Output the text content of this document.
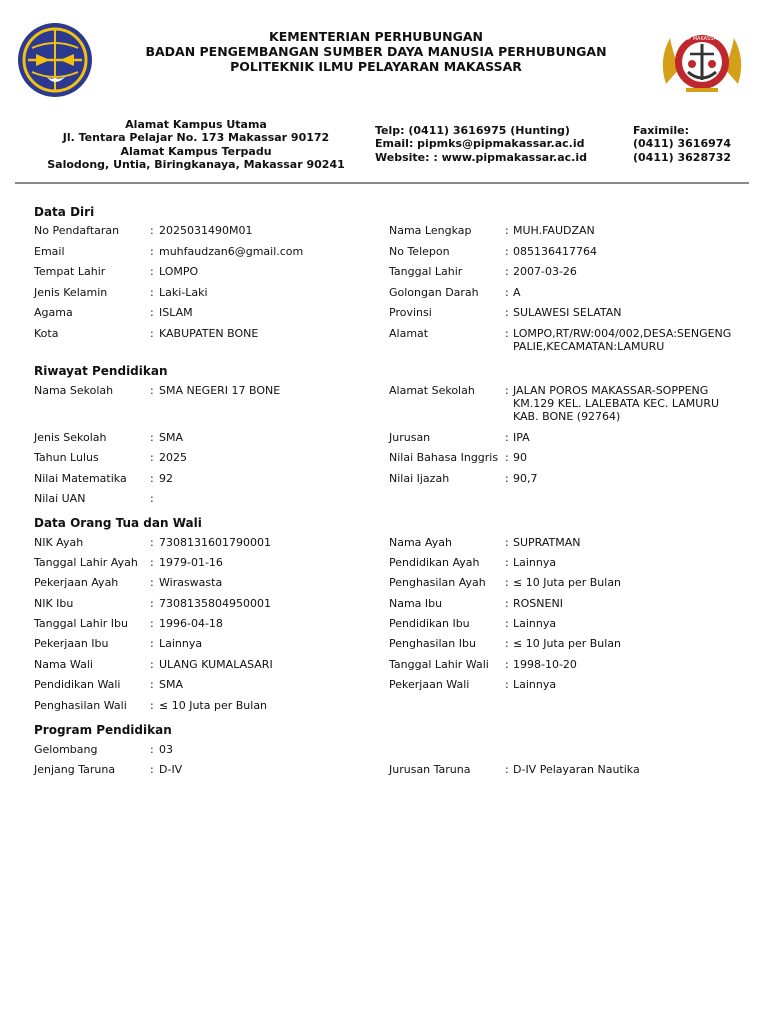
KEMENTERIAN PERHUBUNGAN
BADAN PENGEMBANGAN SUMBER DAYA MANUSIA PERHUBUNGAN
POLITEKNIK ILMU PELAYARAN MAKASSAR
PIP MAKASSAR
Alamat Kampus Utama
Jl. Tentara Pelajar No. 173 Makassar 90172
Alamat Kampus Terpadu
Salodong, Untia, Biringkanaya, Makassar 90241
Telp: (0411) 3616975 (Hunting)
Email: pipmks@pipmakassar.ac.id
Website: : www.pipmakassar.ac.id
Faximile:
(0411) 3616974
(0411) 3628732
Data Diri
No Pendaftaran	: 2025031490M01	Nama Lengkap	: MUH.FAUDZAN
Email	: muhfaudzan6@gmail.com	No Telepon	: 085136417764
Tempat Lahir	: LOMPO	Tanggal Lahir	: 2007-03-26
Jenis Kelamin	: Laki-Laki	Golongan Darah : A
Agama	: ISLAM	Provinsi	: SULAWESI SELATAN
Kota	: KABUPATEN BONE	Alamat	: LOMPO,RT/RW:004/002,DESA:SENGENG PALIE,KECAMATAN:LAMURU
Riwayat Pendidikan
Nama Sekolah	: SMA NEGERI 17 BONE	Alamat Sekolah	: JALAN POROS MAKASSAR-SOPPENG KM.129 KEL. LALEBATA KEC. LAMURU KAB. BONE (92764)
Jenis Sekolah	: SMA	Jurusan	: IPA
Tahun Lulus	: 2025	Nilai Bahasa Inggris : 90
Nilai Matematika : 92	Nilai Ijazah	: 90,7
Nilai UAN	:
Data Orang Tua dan Wali
NIK Ayah	: 7308131601790001	Nama Ayah	: SUPRATMAN
Tanggal Lahir Ayah : 1979-01-16	Pendidikan Ayah : Lainnya
Pekerjaan Ayah	: Wiraswasta	Penghasilan Ayah : ≤ 10 Juta per Bulan
NIK Ibu	: 7308135804950001	Nama Ibu	: ROSNENI
Tanggal Lahir Ibu : 1996-04-18	Pendidikan Ibu	: Lainnya
Pekerjaan Ibu	: Lainnya	Penghasilan Ibu	: ≤ 10 Juta per Bulan
Nama Wali	: ULANG KUMALASARI	Tanggal Lahir Wali : 1998-10-20
Pendidikan Wali	: SMA	Pekerjaan Wali	: Lainnya
Penghasilan Wali : ≤ 10 Juta per Bulan
Program Pendidikan
Gelombang	: 03
Jenjang Taruna	: D-IV	Jurusan Taruna	: D-IV Pelayaran Nautika
